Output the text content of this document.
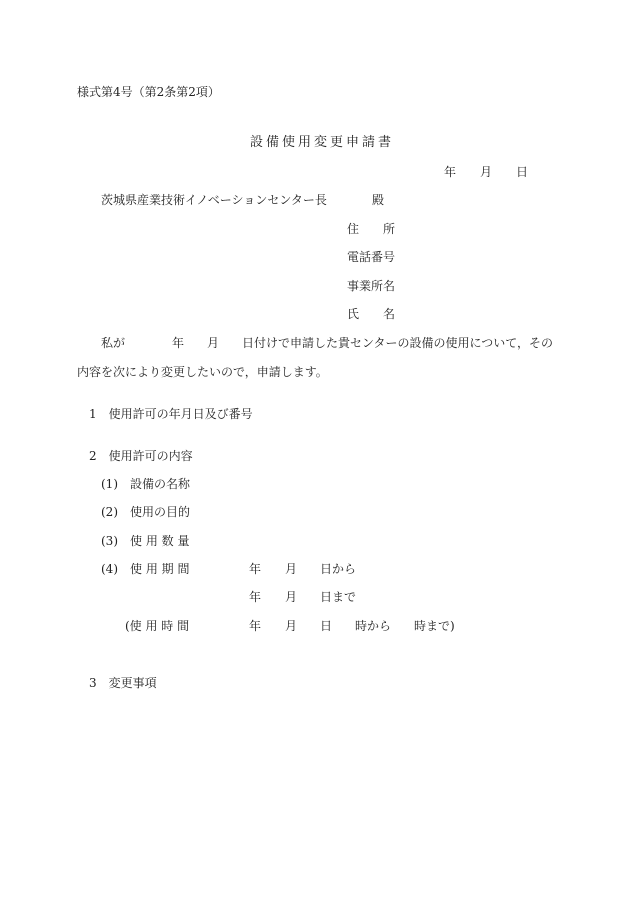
様式第4号（第2条第2項）
設備使用変更申請書
年 月 日
茨城県産業技術イノベーションセンター長	殿
住　　所
電話番号
事業所名
氏　　名
私が	年 月 日付けで申請した貴センターの設備の使用について，その
内容を次により変更したいので，申請します。
1　使用許可の年月日及び番号
2　使用許可の内容
(1)　設備の名称
(2)　使用の目的
(3)　使 用 数 量
(4)　使 用 期 間	年 月 日から
年 月 日まで
(使 用 時 間	年 月 日 時から 時まで)
3　変更事項
